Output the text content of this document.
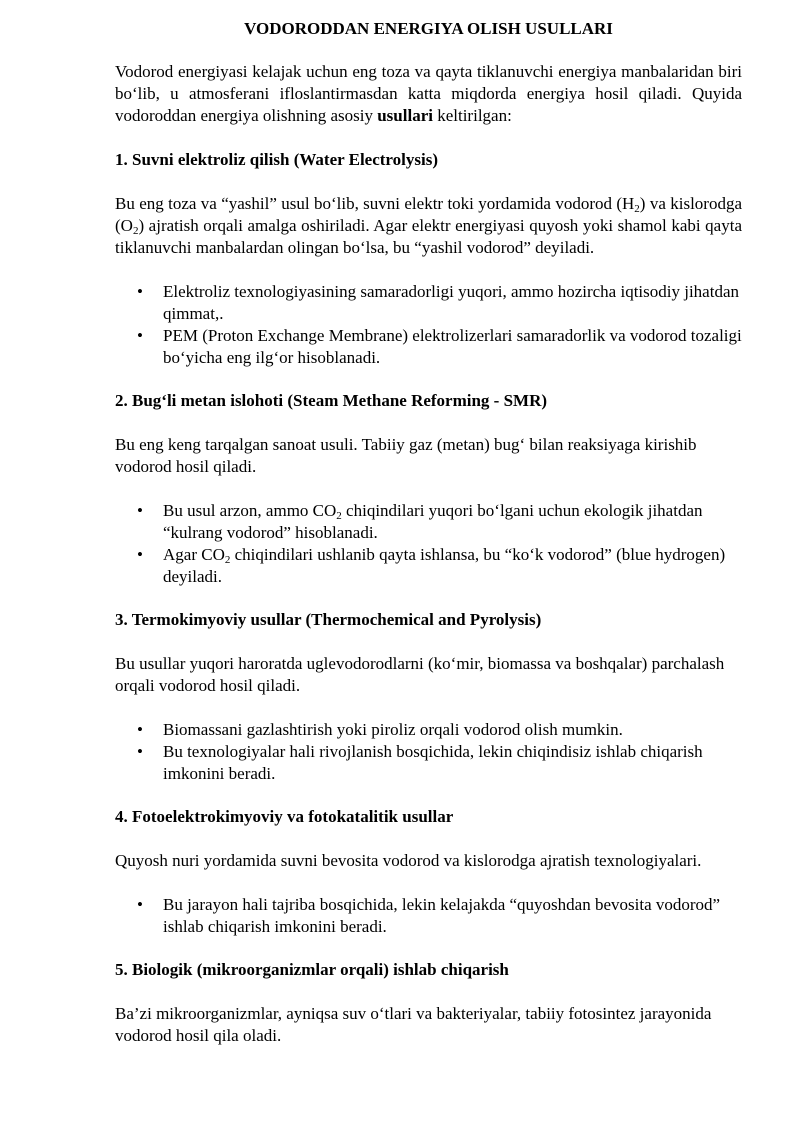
VODORODDAN ENERGIYA OLISH USULLARI

Vodorod energiyasi kelajak uchun eng toza va qayta tiklanuvchi energiya manbalaridan biri bo‘lib, u atmosferani ifloslantirmasdan katta miqdorda energiya hosil qiladi. Quyida vodoroddan energiya olishning asosiy usullari keltirilgan:

1. Suvni elektroliz qilish (Water Electrolysis)

Bu eng toza va “yashil” usul bo‘lib, suvni elektr toki yordamida vodorod $(H_2)$ va kislorodga $(O_2)$ ajratish orqali amalga oshiriladi. Agar elektr energiyasi quyosh yoki shamol kabi qayta tiklanuvchi manbalardan olingan bo‘lsa, bu “yashil vodorod” deyiladi.

• Elektroliz texnologiyasining samaradorligi yuqori, ammo hozircha iqtisodiy jihatdan qimmat,.
• PEM (Proton Exchange Membrane) elektrolizerlari samaradorlik va vodorod tozaligi bo‘yicha eng ilg‘or hisoblanadi.
2. Bug‘li metan islohoti (Steam Methane Reforming - SMR)

Bu eng keng tarqalgan sanoat usuli. Tabiiy gaz (metan) bug‘ bilan reaksiyaga kirishib vodorod hosil qiladi.

• Bu usul arzon, ammo $CO_2$ chiqindilari yuqori bo‘lgani uchun ekologik jihatdan “kulrang vodorod” hisoblanadi.
• Agar $CO_2$ chiqindilari ushlanib qayta ishlansa, bu “ko‘k vodorod” (blue hydrogen) deyiladi.
3. Termokimyoviy usullar (Thermochemical and Pyrolysis)

Bu usullar yuqori haroratda uglevodorodlarni (ko‘mir, biomassa va boshqalar) parchalash orqali vodorod hosil qiladi.

• Biomassani gazlashtirish yoki piroliz orqali vodorod olish mumkin.
• Bu texnologiyalar hali rivojlanish bosqichida, lekin chiqindisiz ishlab chiqarish imkonini beradi.
4. Fotoelektrokimyoviy va fotokatalitik usullar

Quyosh nuri yordamida suvni bevosita vodorod va kislorodga ajratish texnologiyalari.

• Bu jarayon hali tajriba bosqichida, lekin kelajakda “quyoshdan bevosita vodorod” ishlab chiqarish imkonini beradi.
5. Biologik (mikroorganizmlar orqali) ishlab chiqarish

Ba’zi mikroorganizmlar, ayniqsa suv o‘tlari va bakteriyalar, tabiiy fotosintez jarayonida vodorod hosil qila oladi.
